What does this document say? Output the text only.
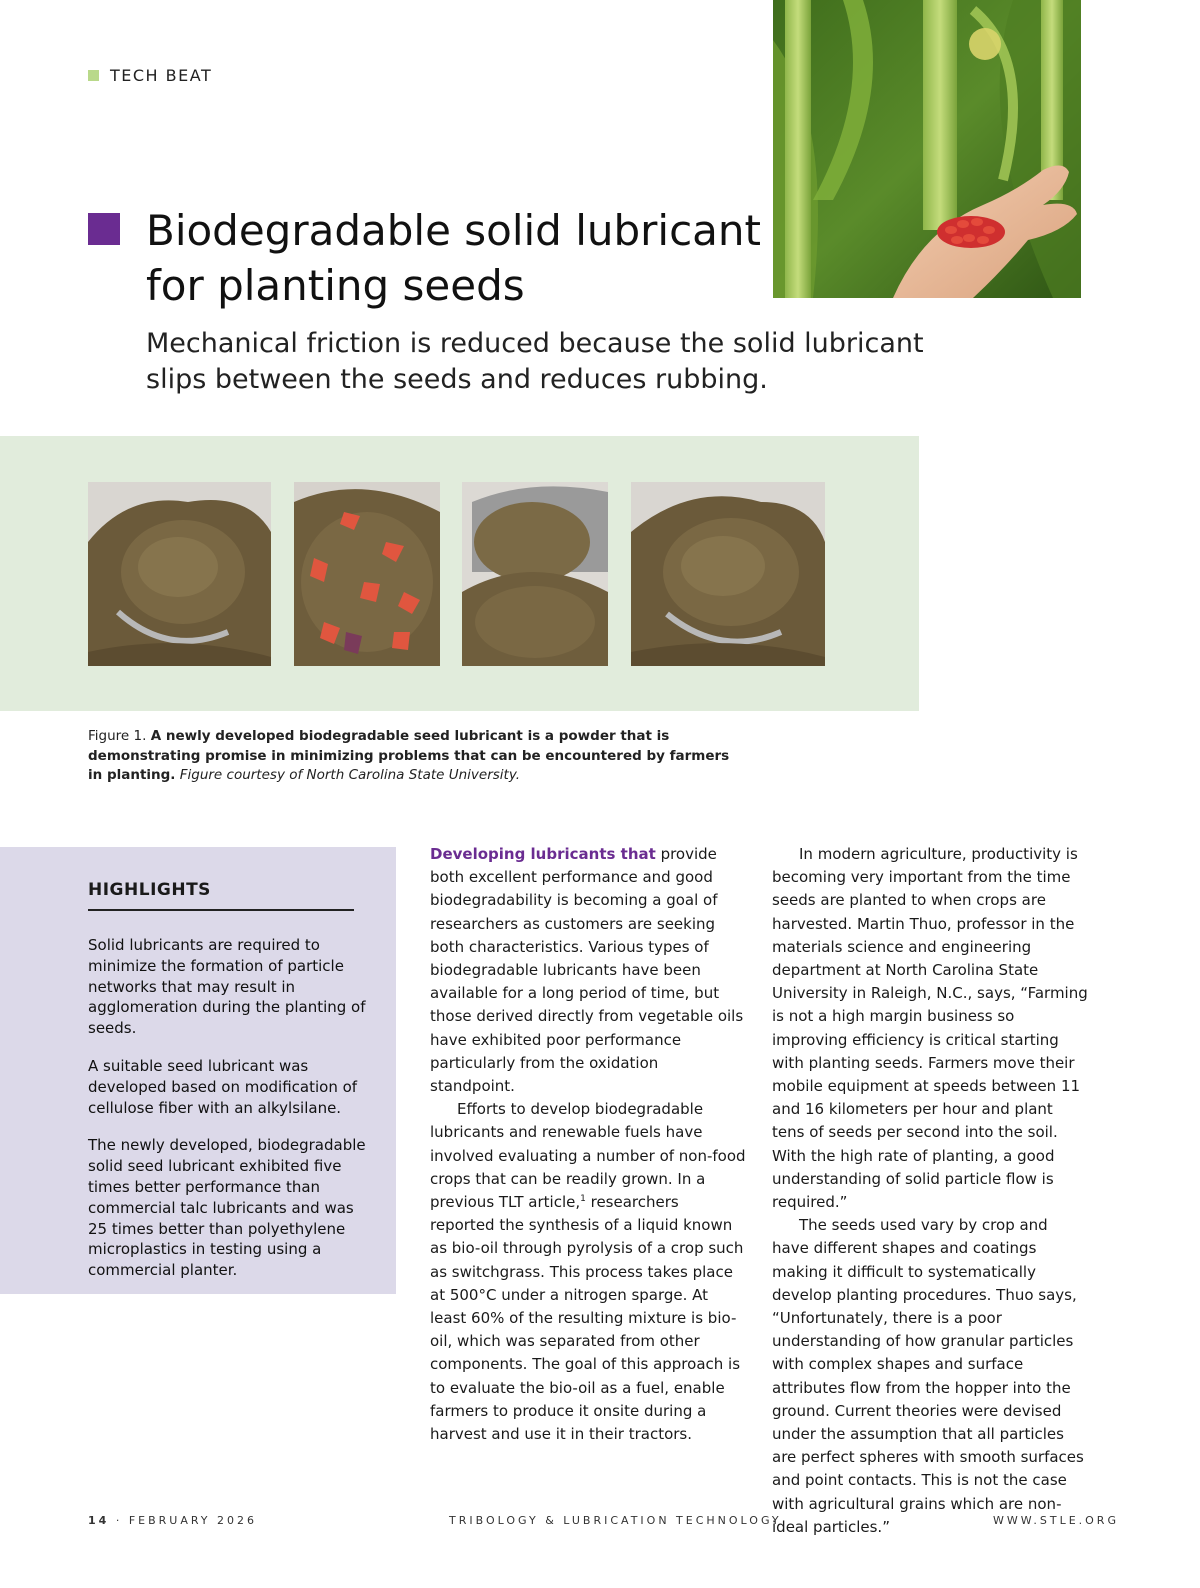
TECH BEAT
Biodegradable solid lubricant for planting seeds

Mechanical friction is reduced because the solid lubricant slips between the seeds and reduces rubbing.

Figure 1. A newly developed biodegradable seed lubricant is a powder that is demonstrating promise in minimizing problems that can be encountered by farmers in planting. Figure courtesy of North Carolina State University.

HIGHLIGHTS
Solid lubricants are required to minimize the formation of particle networks that may result in agglomeration during the planting of seeds.
A suitable seed lubricant was developed based on modification of cellulose fiber with an alkylsilane.
The newly developed, biodegradable solid seed lubricant exhibited five times better performance than commercial talc lubricants and was 25 times better than polyethylene microplastics in testing using a commercial planter.

Developing lubricants that provide both excellent performance and good biodegradability is becoming a goal of researchers as customers are seeking both characteristics. Various types of biodegradable lubricants have been available for a long period of time, but those derived directly from vegetable oils have exhibited poor performance particularly from the oxidation standpoint.

Efforts to develop biodegradable lubricants and renewable fuels have involved evaluating a number of non-food crops that can be readily grown. In a previous TLT article,$^1$ researchers reported the synthesis of a liquid known as bio-oil through pyrolysis of a crop such as switchgrass. This process takes place at 500°C under a nitrogen sparge. At least 60% of the resulting mixture is bio-oil, which was separated from other components. The goal of this approach is to evaluate the bio-oil as a fuel, enable farmers to produce it onsite during a harvest and use it in their tractors.

In modern agriculture, productivity is becoming very important from the time seeds are planted to when crops are harvested. Martin Thuo, professor in the materials science and engineering department at North Carolina State University in Raleigh, N.C., says, “Farming is not a high margin business so improving efficiency is critical starting with planting seeds. Farmers move their mobile equipment at speeds between 11 and 16 kilometers per hour and plant tens of seeds per second into the soil. With the high rate of planting, a good understanding of solid particle flow is required.”

The seeds used vary by crop and have different shapes and coatings making it difficult to systematically develop planting procedures. Thuo says, “Unfortunately, there is a poor understanding of how granular particles with complex shapes and surface attributes flow from the hopper into the ground. Current theories were devised under the assumption that all particles are perfect spheres with smooth surfaces and point contacts. This is not the case with agricultural grains which are non-ideal particles.”

14 · FEBRUARY 2026	TRIBOLOGY & LUBRICATION TECHNOLOGY	WWW.STLE.ORG
